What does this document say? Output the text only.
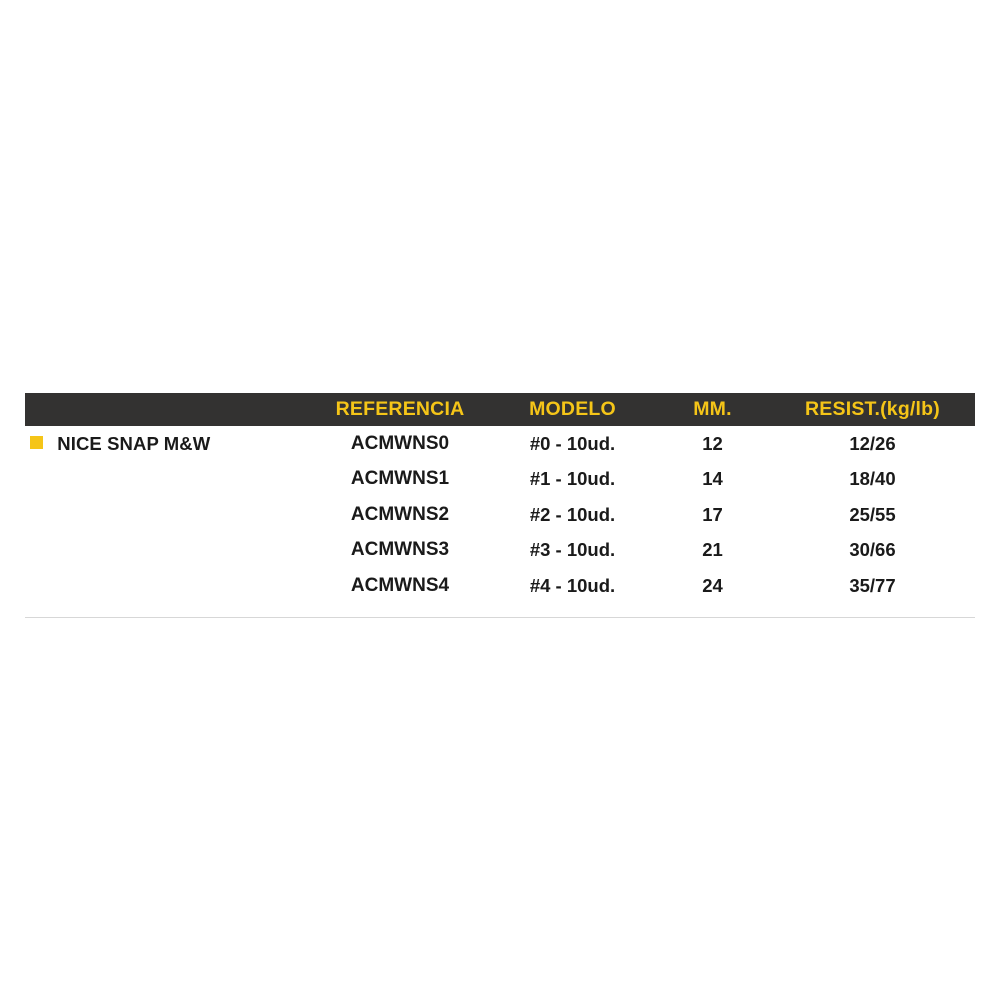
	REFERENCIA	MODELO	MM.	RESIST.(kg/lb)
NICE SNAP M&W	ACMWNS0	#0 - 10ud.	12	12/26
	ACMWNS1	#1 - 10ud.	14	18/40
	ACMWNS2	#2 - 10ud.	17	25/55
	ACMWNS3	#3 - 10ud.	21	30/66
	ACMWNS4	#4 - 10ud.	24	35/77
